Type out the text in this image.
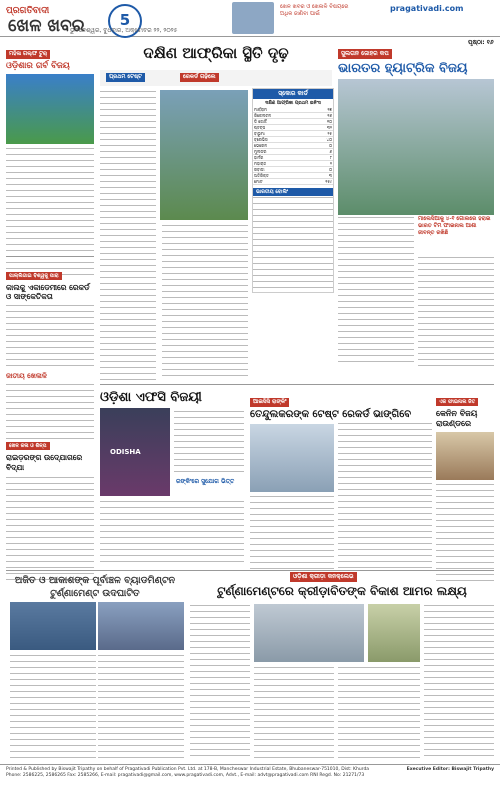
ପ୍ରଗତିବାଦୀ
ଖେଳ ଖବର	5
ଭୁବନେଶ୍ୱର, ବୁଧବାର, ଅକ୍ଟୋବର ୨୨, ୨୦୨୫
ଖେଳ ଖବର ଓ ଖେଳାଳି ବିଷୟରେ ଅଧିକ ଜାଣିବା ପାଇଁ
pragativadi.com
ପୃଷ୍ଠା: ୧୬
ମହିଳା ଗଲ୍ଫ ଟୁର୍
ଓଡ଼ିଶାର ଗର୍ବ ବିଜୟ
ପାଲ୍ଲିଗାଇ ବିଶ୍ୱକୁ ପାରା
କାଲକୁ ଏକାଡେମୀରେ ରେକର୍ଡ ଓ ସାଙ୍କେତିକତା
ଜାତୀୟ ଖେଳାଳି
ଖେଳ କଳା ଓ ଶିଳ୍ପ
ରାଇଡ଼ରଙ୍ଗ ଉଦ୍ଯୋଗରେ ବିଦ୍ଯା
ଦକ୍ଷିଣ ଆଫ୍ରିକା ସ୍ଥିତି ଦୃଢ଼
ପ୍ରଥମ ଟେଷ୍ଟ	ରେକର୍ଡ ଗଢ଼ିଲେ
ସ୍କୋର କାର୍ଡ
ଦକ୍ଷିଣ ଆଫ୍ରିକା ପ୍ରଥମ ଇନିଂସ
ମାର୍କ୍ରାମ	୧୭
ରିକେଲଟନ	୧୬
ଡି ଜୋର୍ଜି	୧୦
ଷ୍ଟବ୍ସ	୩୨
ବାଭୁମା	୨୫
ବ୍ରେଭିସ	୪୦
ଭେରେନ	୦
ମୁଲଡର	୬
ହାର୍ମର	୮
ମହାରାଜ	୨
ରବାଡା	୦
ଅତିରିକ୍ତ	୩
ମୋଟ	୧୫୯
ଭାରତୀୟ ବୋଲିଂ
ସୁଲତାନ ଜୋହର କପ
ଭାରତର ହ୍ୟାଟ୍ରିକ ବିଜୟ
ମାଲେସିଆକୁ ୪-୧ ଗୋଲରେ ହରାଇ ଭାରତ ଟିମ ଫାଇନାଲ ଆଶା ଜୀବନ୍ତ ରଖିଛି
ଓଡ଼ିଶା ଏଫସି ବିଜୟୀ
ODISHA
ରଙ୍କିଂରେ ସୁଯୋଗ ଭିତ୍ତ
ଆଇସିସି ରାଙ୍କିଂ
ତେନ୍ଦୁଲକରଙ୍କ ଟେଷ୍ଟ ରେକର୍ଡ ଭାଙ୍ଗିବେ
ଏକ ଫାଇନାଲ ଜିତ
କେନିନ ବିଜୟ ରାଉଣ୍ଡରେ
ଅଜିତ ଓ ଆକାଶଙ୍କ ପୂର୍ବାଞ୍ଚଳ ବ୍ୟାଡମିଣ୍ଟନ ଟୁର୍ଣ୍ଣାମେଣ୍ଟ ଉଦଘାଟିତ
ଓଡ଼ିଶା କ୍ରୀଡ଼ା କନକ୍ଲେଭ
ଟୁର୍ଣ୍ଣାମେଣ୍ଟରେ କ୍ରୀଡ଼ାବିତଙ୍କ ବିକାଶ ଆମର ଲକ୍ଷ୍ୟ
Printed & Published by Biswajit Tripathy on behalf of Pragativadi Publication Pvt. Ltd. at 178-B, Mancheswar Industrial Estate, Bhubaneswar-751010, Dist: Khurda
Phone: 2586225, 2586265 Fax: 2585266, E-mail: pragativadi@gmail.com, www.pragativadi.com, Advt., E-mail: advt@pragativadi.com RNI Regd. No: 21271/73
Executive Editor: Biswajit Tripathy
